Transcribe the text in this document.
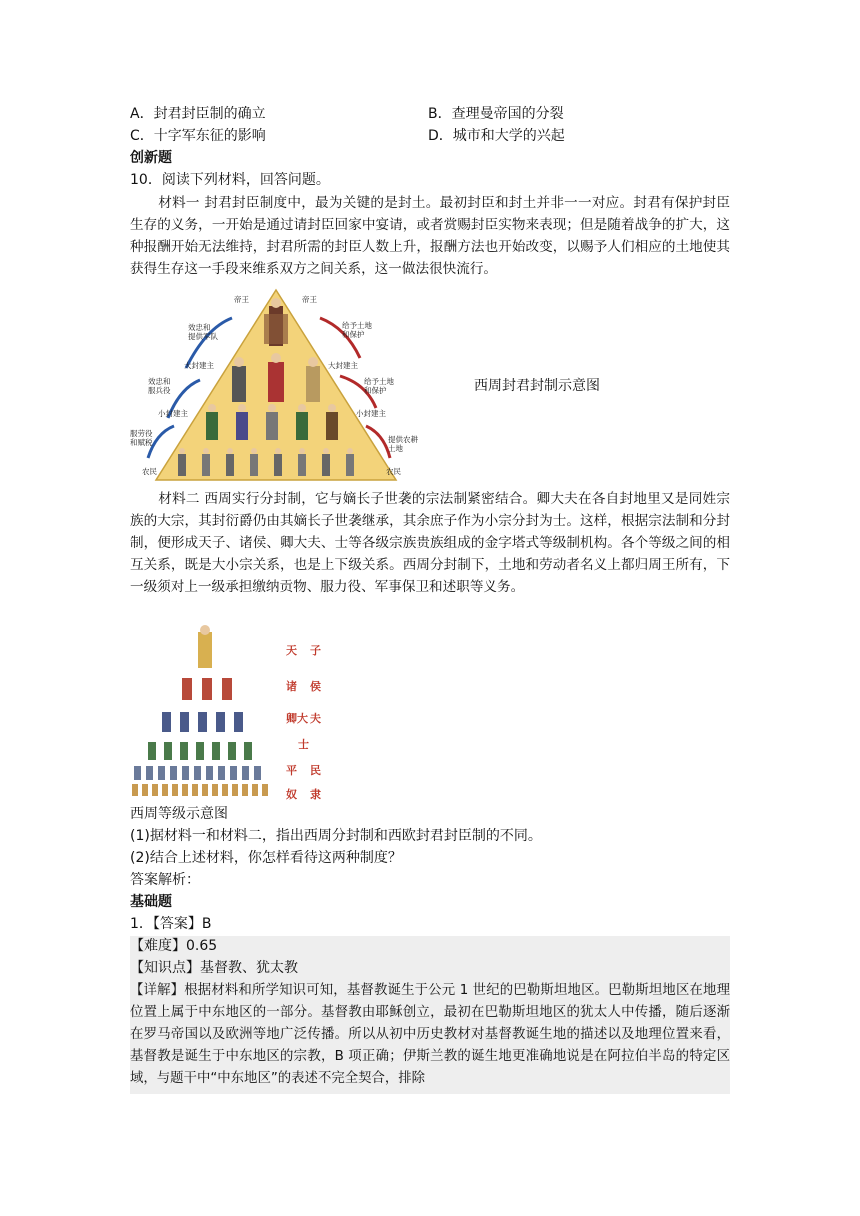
A．封君封臣制的确立	B．查理曼帝国的分裂
C．十字军东征的影响	D．城市和大学的兴起
创新题
10．阅读下列材料，回答问题。
材料一 封君封臣制度中，最为关键的是封土。最初封臣和封土并非一一对应。封君有保护封臣生存的义务，一开始是通过请封臣回家中宴请，或者赏赐封臣实物来表现；但是随着战争的扩大，这种报酬开始无法维持，封君所需的封臣人数上升，报酬方法也开始改变，以赐予人们相应的土地使其获得生存这一手段来维系双方之间关系，这一做法很快流行。
帝王
效忠和提供军队
大封建主
效忠和服兵役
小封建主
服劳役和赋税
农民
帝王
给予土地和保护
大封建主
给予土地和保护
小封建主
提供农耕土地
农民
西周封君封制示意图
材料二 西周实行分封制，它与嫡长子世袭的宗法制紧密结合。卿大夫在各自封地里又是同姓宗族的大宗，其封衍爵仍由其嫡长子世袭继承，其余庶子作为小宗分封为士。这样，根据宗法制和分封制，便形成天子、诸侯、卿大夫、士等各级宗族贵族组成的金字塔式等级制机构。各个等级之间的相互关系，既是大小宗关系，也是上下级关系。西周分封制下，土地和劳动者名义上都归周王所有，下一级须对上一级承担缴纳贡物、服力役、军事保卫和述职等义务。
天 子
诸 侯
卿大 夫
士
平 民
奴 隶
西周等级示意图
(1)据材料一和材料二，指出西周分封制和西欧封君封臣制的不同。
(2)结合上述材料，你怎样看待这两种制度？
答案解析：
基础题
1．【答案】B
【难度】0.65
【知识点】基督教、犹太教
【详解】根据材料和所学知识可知，基督教诞生于公元 1 世纪的巴勒斯坦地区。巴勒斯坦地区在地理位置上属于中东地区的一部分。基督教由耶稣创立，最初在巴勒斯坦地区的犹太人中传播，随后逐渐在罗马帝国以及欧洲等地广泛传播。所以从初中历史教材对基督教诞生地的描述以及地理位置来看，基督教是诞生于中东地区的宗教，B 项正确；伊斯兰教的诞生地更准确地说是在阿拉伯半岛的特定区域，与题干中“中东地区”的表述不完全契合，排除
